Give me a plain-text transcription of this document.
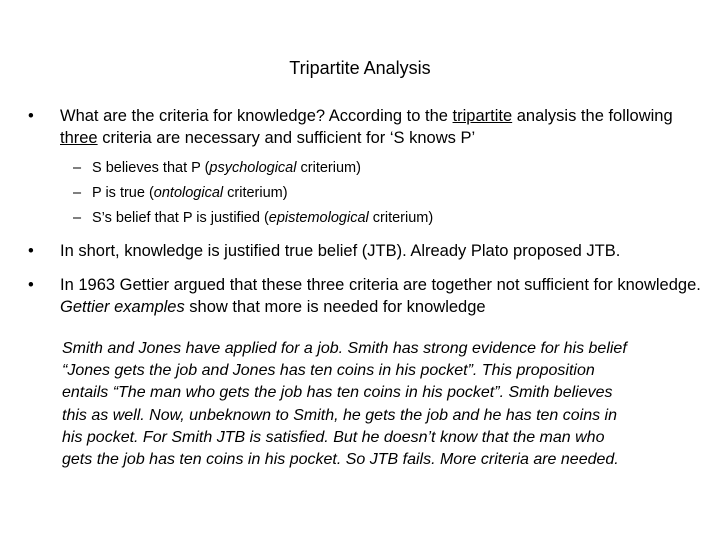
Tripartite Analysis
•	What are the criteria for knowledge? According to the tripartite analysis the following three criteria are necessary and sufficient for ‘S knows P’
– S believes that P (psychological criterium)
– P is true (ontological criterium)
– S’s belief that P is justified (epistemological criterium)
•	In short, knowledge is justified true belief (JTB). Already Plato proposed JTB.
•	In 1963 Gettier argued that these three criteria are together not sufficient for knowledge. Gettier examples show that more is needed for knowledge
Smith and Jones have applied for a job. Smith has strong evidence for his belief
“Jones gets the job and Jones has ten coins in his pocket”. This proposition
entails “The man who gets the job has ten coins in his pocket”. Smith believes
this as well. Now, unbeknown to Smith, he gets the job and he has ten coins in
his pocket. For Smith JTB is satisfied. But he doesn’t know that the man who
gets the job has ten coins in his pocket. So JTB fails. More criteria are needed.
